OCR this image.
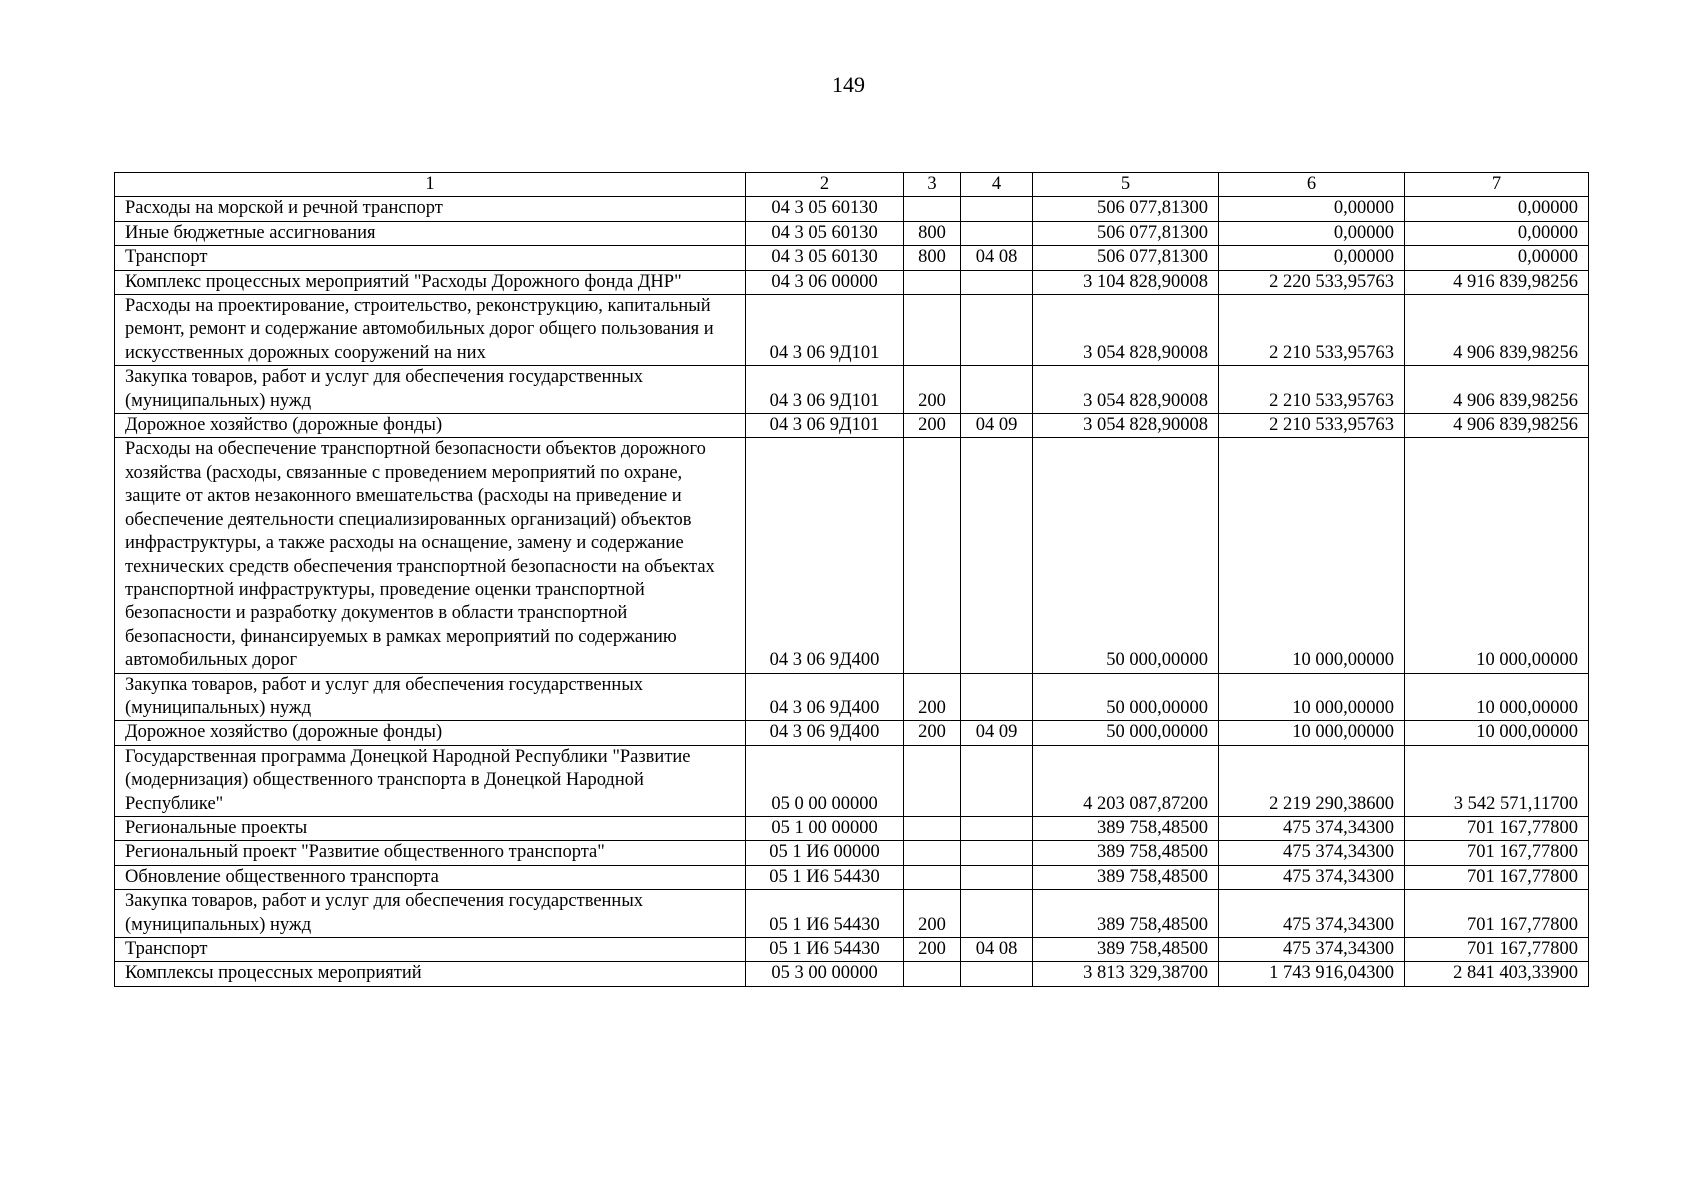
149
1	2	3	4	5	6	7
Расходы на морской и речной транспорт	04 3 05 60130			506 077,81300	0,00000	0,00000
Иные бюджетные ассигнования	04 3 05 60130	800		506 077,81300	0,00000	0,00000
Транспорт	04 3 05 60130	800	04 08	506 077,81300	0,00000	0,00000
Комплекс процессных мероприятий "Расходы Дорожного фонда ДНР"	04 3 06 00000			3 104 828,90008	2 220 533,95763	4 916 839,98256
Расходы на проектирование, строительство, реконструкцию, капитальный ремонт, ремонт и содержание автомобильных дорог общего пользования и искусственных дорожных сооружений на них	04 3 06 9Д101			3 054 828,90008	2 210 533,95763	4 906 839,98256
Закупка товаров, работ и услуг для обеспечения государственных (муниципальных) нужд	04 3 06 9Д101	200		3 054 828,90008	2 210 533,95763	4 906 839,98256
Дорожное хозяйство (дорожные фонды)	04 3 06 9Д101	200	04 09	3 054 828,90008	2 210 533,95763	4 906 839,98256
Расходы на обеспечение транспортной безопасности объектов дорожного хозяйства (расходы, связанные с проведением мероприятий по охране, защите от актов незаконного вмешательства (расходы на приведение и обеспечение деятельности специализированных организаций) объектов инфраструктуры, а также расходы на оснащение, замену и содержание технических средств обеспечения транспортной безопасности на объектах транспортной инфраструктуры, проведение оценки транспортной безопасности и разработку документов в области транспортной безопасности, финансируемых в рамках мероприятий по содержанию автомобильных дорог	04 3 06 9Д400			50 000,00000	10 000,00000	10 000,00000
Закупка товаров, работ и услуг для обеспечения государственных (муниципальных) нужд	04 3 06 9Д400	200		50 000,00000	10 000,00000	10 000,00000
Дорожное хозяйство (дорожные фонды)	04 3 06 9Д400	200	04 09	50 000,00000	10 000,00000	10 000,00000
Государственная программа Донецкой Народной Республики "Развитие (модернизация) общественного транспорта в Донецкой Народной Республике"	05 0 00 00000			4 203 087,87200	2 219 290,38600	3 542 571,11700
Региональные проекты	05 1 00 00000			389 758,48500	475 374,34300	701 167,77800
Региональный проект "Развитие общественного транспорта"	05 1 И6 00000			389 758,48500	475 374,34300	701 167,77800
Обновление общественного транспорта	05 1 И6 54430			389 758,48500	475 374,34300	701 167,77800
Закупка товаров, работ и услуг для обеспечения государственных (муниципальных) нужд	05 1 И6 54430	200		389 758,48500	475 374,34300	701 167,77800
Транспорт	05 1 И6 54430	200	04 08	389 758,48500	475 374,34300	701 167,77800
Комплексы процессных мероприятий	05 3 00 00000			3 813 329,38700	1 743 916,04300	2 841 403,33900
